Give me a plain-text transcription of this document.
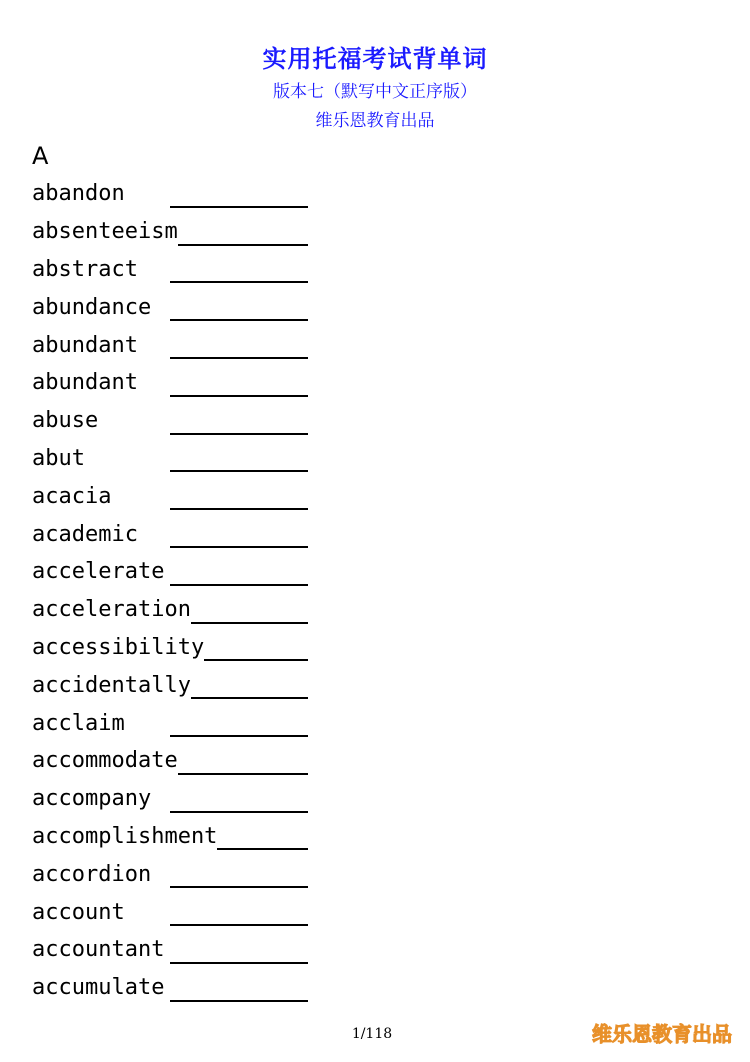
实用托福考试背单词
版本七（默写中文正序版）
维乐恩教育出品
A
abandon
absenteeism
abstract
abundance
abundant
abundant
abuse
abut
acacia
academic
accelerate
acceleration
accessibility
accidentally
acclaim
accommodate
accompany
accomplishment
accordion
account
accountant
accumulate
1/118	维乐恩教育出品
